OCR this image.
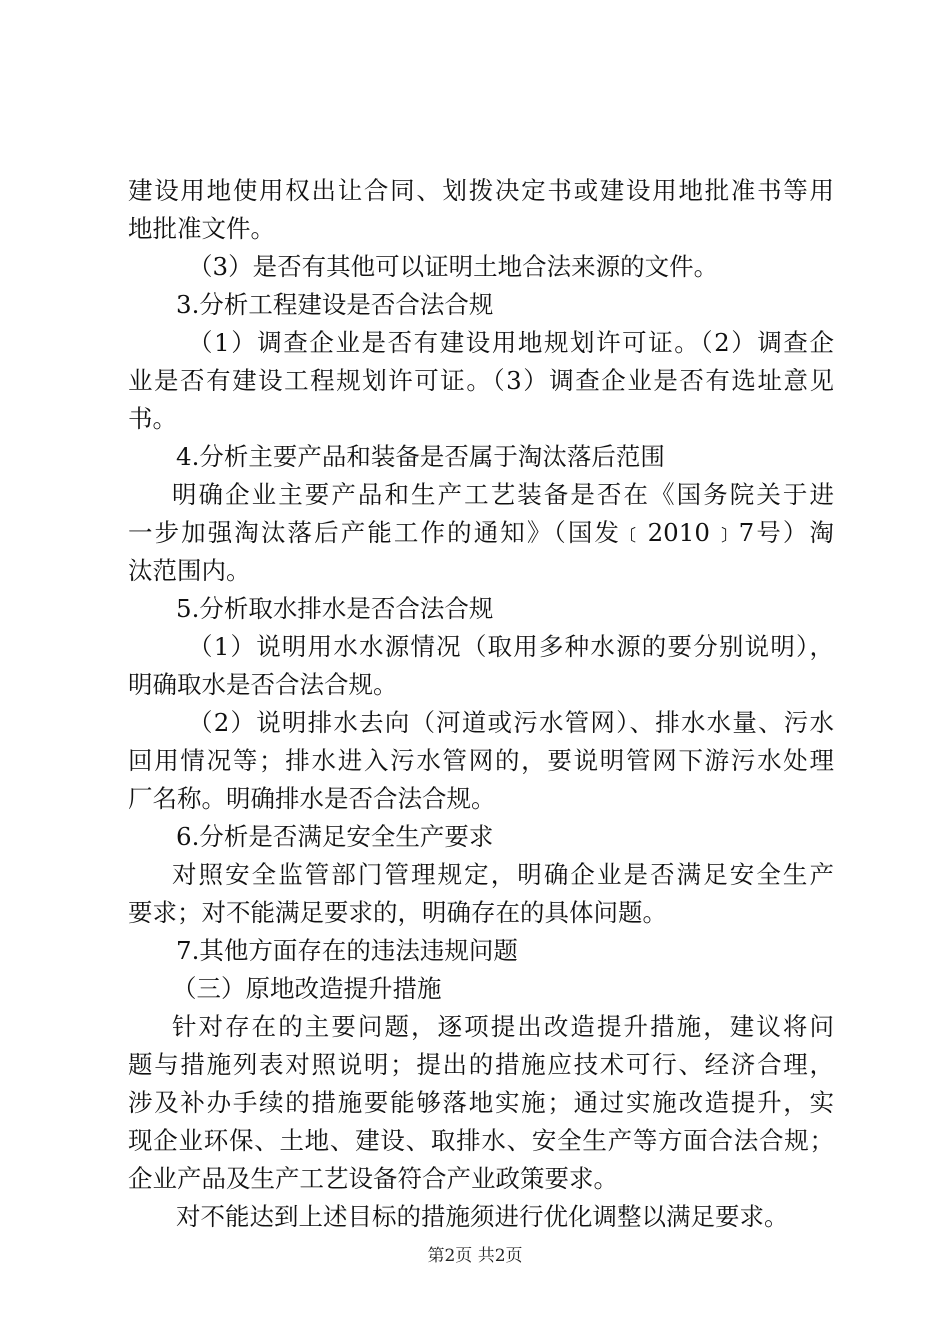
建设用地使用权出让合同、划拨决定书或建设用地批准书等用
地批准文件。
（3）是否有其他可以证明土地合法来源的文件。
3.分析工程建设是否合法合规
（1）调查企业是否有建设用地规划许可证。（2）调查企
业是否有建设工程规划许可证。（3）调查企业是否有选址意见
书。
4.分析主要产品和装备是否属于淘汰落后范围
明确企业主要产品和生产工艺装备是否在《国务院关于进
一步加强淘汰落后产能工作的通知》（国发﹝2010﹞7号）淘
汰范围内。
5.分析取水排水是否合法合规
（1）说明用水水源情况（取用多种水源的要分别说明），
明确取水是否合法合规。
（2）说明排水去向（河道或污水管网）、排水水量、污水
回用情况等；排水进入污水管网的，要说明管网下游污水处理
厂名称。明确排水是否合法合规。
6.分析是否满足安全生产要求
对照安全监管部门管理规定，明确企业是否满足安全生产
要求；对不能满足要求的，明确存在的具体问题。
7.其他方面存在的违法违规问题
（三）原地改造提升措施
针对存在的主要问题，逐项提出改造提升措施，建议将问
题与措施列表对照说明；提出的措施应技术可行、经济合理，
涉及补办手续的措施要能够落地实施；通过实施改造提升，实
现企业环保、土地、建设、取排水、安全生产等方面合法合规；
企业产品及生产工艺设备符合产业政策要求。
对不能达到上述目标的措施须进行优化调整以满足要求。
第2页 共2页
